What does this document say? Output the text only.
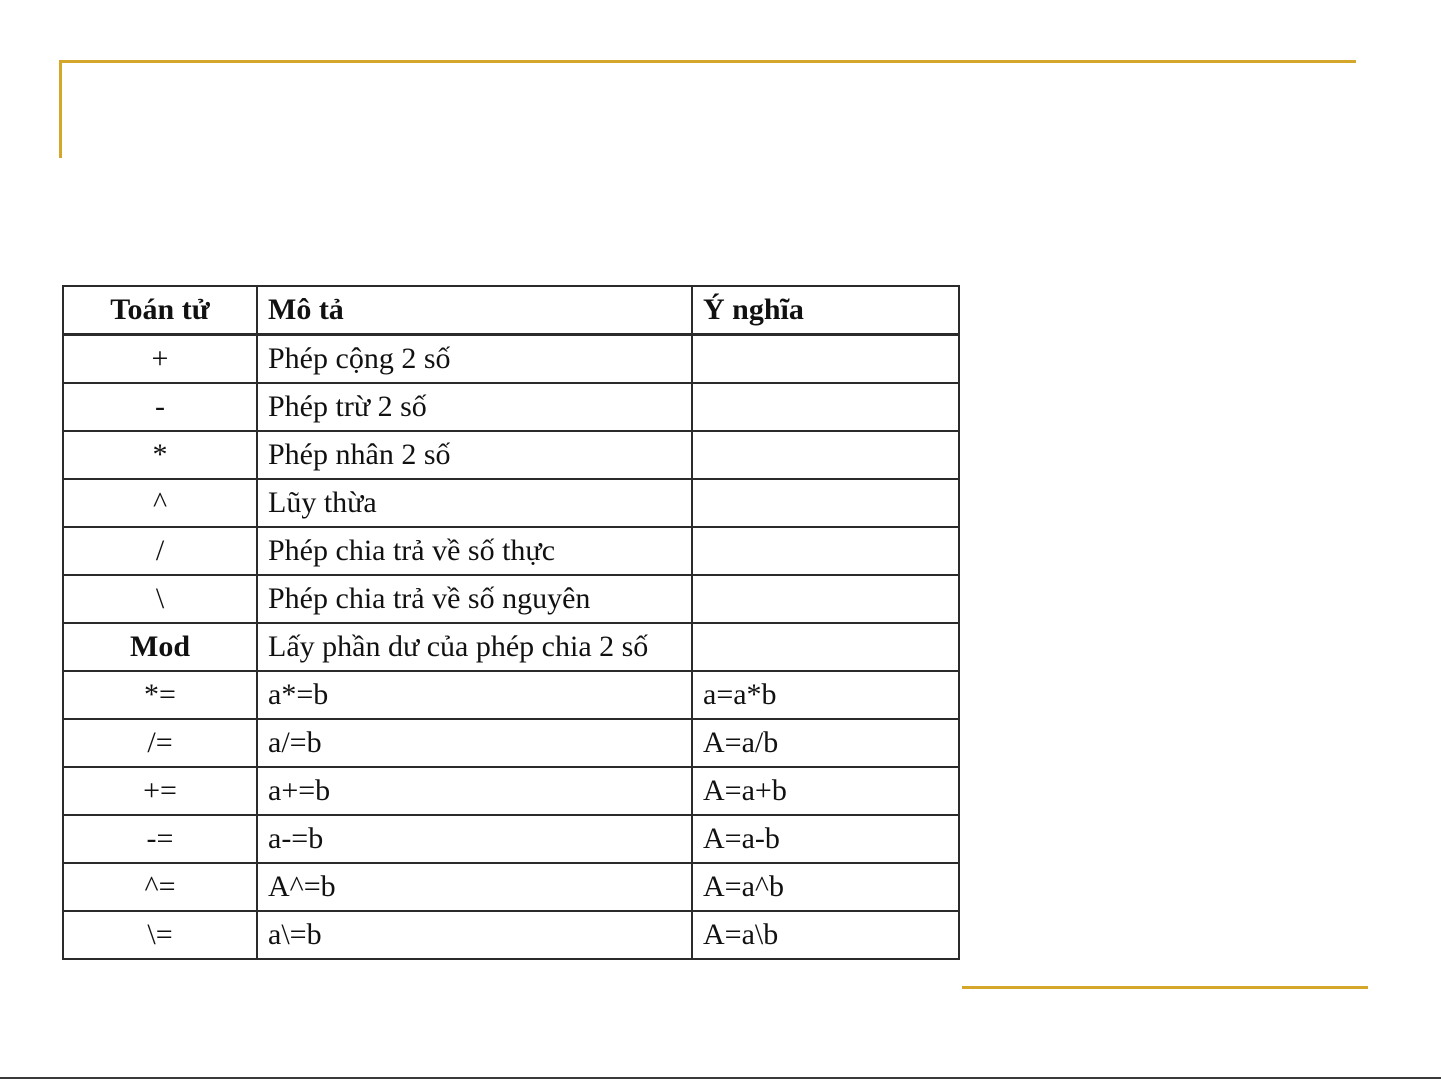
Toán tử	Mô tả	Ý nghĩa
+	Phép cộng 2 số	
-	Phép trừ 2 số	
*	Phép nhân 2 số	
^	Lũy thừa	
/	Phép chia trả về số thực	
\	Phép chia trả về số nguyên	
Mod	Lấy phần dư của phép chia 2 số	
*=	a*=b	a=a*b
/=	a/=b	A=a/b
+=	a+=b	A=a+b
-=	a-=b	A=a-b
^=	A^=b	A=a^b
\=	a\=b	A=a\b
